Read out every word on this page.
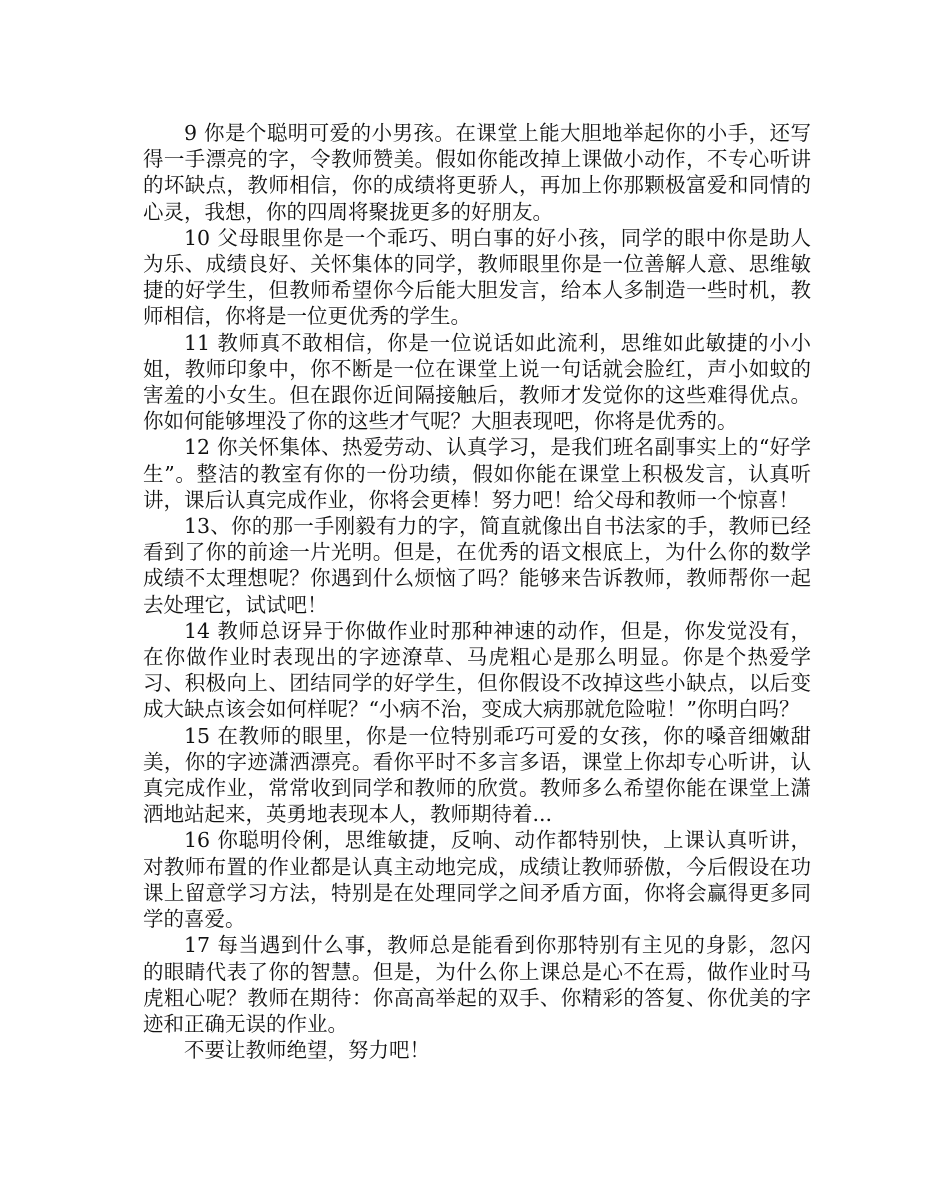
9 你是个聪明可爱的小男孩。在课堂上能大胆地举起你的小手，还写得一手漂亮的字，令教师赞美。假如你能改掉上课做小动作，不专心听讲的坏缺点，教师相信，你的成绩将更骄人，再加上你那颗极富爱和同情的心灵，我想，你的四周将聚拢更多的好朋友。

10 父母眼里你是一个乖巧、明白事的好小孩，同学的眼中你是助人为乐、成绩良好、关怀集体的同学，教师眼里你是一位善解人意、思维敏捷的好学生，但教师希望你今后能大胆发言，给本人多制造一些时机，教师相信，你将是一位更优秀的学生。

11 教师真不敢相信，你是一位说话如此流利，思维如此敏捷的小小姐，教师印象中，你不断是一位在课堂上说一句话就会脸红，声小如蚊的害羞的小女生。但在跟你近间隔接触后，教师才发觉你的这些难得优点。你如何能够埋没了你的这些才气呢？大胆表现吧，你将是优秀的。

12 你关怀集体、热爱劳动、认真学习，是我们班名副事实上的“好学生”。整洁的教室有你的一份功绩，假如你能在课堂上积极发言，认真听讲，课后认真完成作业，你将会更棒！努力吧！给父母和教师一个惊喜！

13、你的那一手刚毅有力的字，简直就像出自书法家的手，教师已经看到了你的前途一片光明。但是，在优秀的语文根底上，为什么你的数学成绩不太理想呢？你遇到什么烦恼了吗？能够来告诉教师，教师帮你一起去处理它，试试吧！

14 教师总讶异于你做作业时那种神速的动作，但是，你发觉没有，在你做作业时表现出的字迹潦草、马虎粗心是那么明显。你是个热爱学习、积极向上、团结同学的好学生，但你假设不改掉这些小缺点，以后变成大缺点该会如何样呢？“小病不治，变成大病那就危险啦！”你明白吗？

15 在教师的眼里，你是一位特别乖巧可爱的女孩，你的嗓音细嫩甜美，你的字迹潇洒漂亮。看你平时不多言多语，课堂上你却专心听讲，认真完成作业，常常收到同学和教师的欣赏。教师多么希望你能在课堂上潇洒地站起来，英勇地表现本人，教师期待着...

16 你聪明伶俐，思维敏捷，反响、动作都特别快，上课认真听讲，对教师布置的作业都是认真主动地完成，成绩让教师骄傲，今后假设在功课上留意学习方法，特别是在处理同学之间矛盾方面，你将会赢得更多同学的喜爱。

17 每当遇到什么事，教师总是能看到你那特别有主见的身影，忽闪的眼睛代表了你的智慧。但是，为什么你上课总是心不在焉，做作业时马虎粗心呢？教师在期待：你高高举起的双手、你精彩的答复、你优美的字迹和正确无误的作业。

不要让教师绝望，努力吧！
